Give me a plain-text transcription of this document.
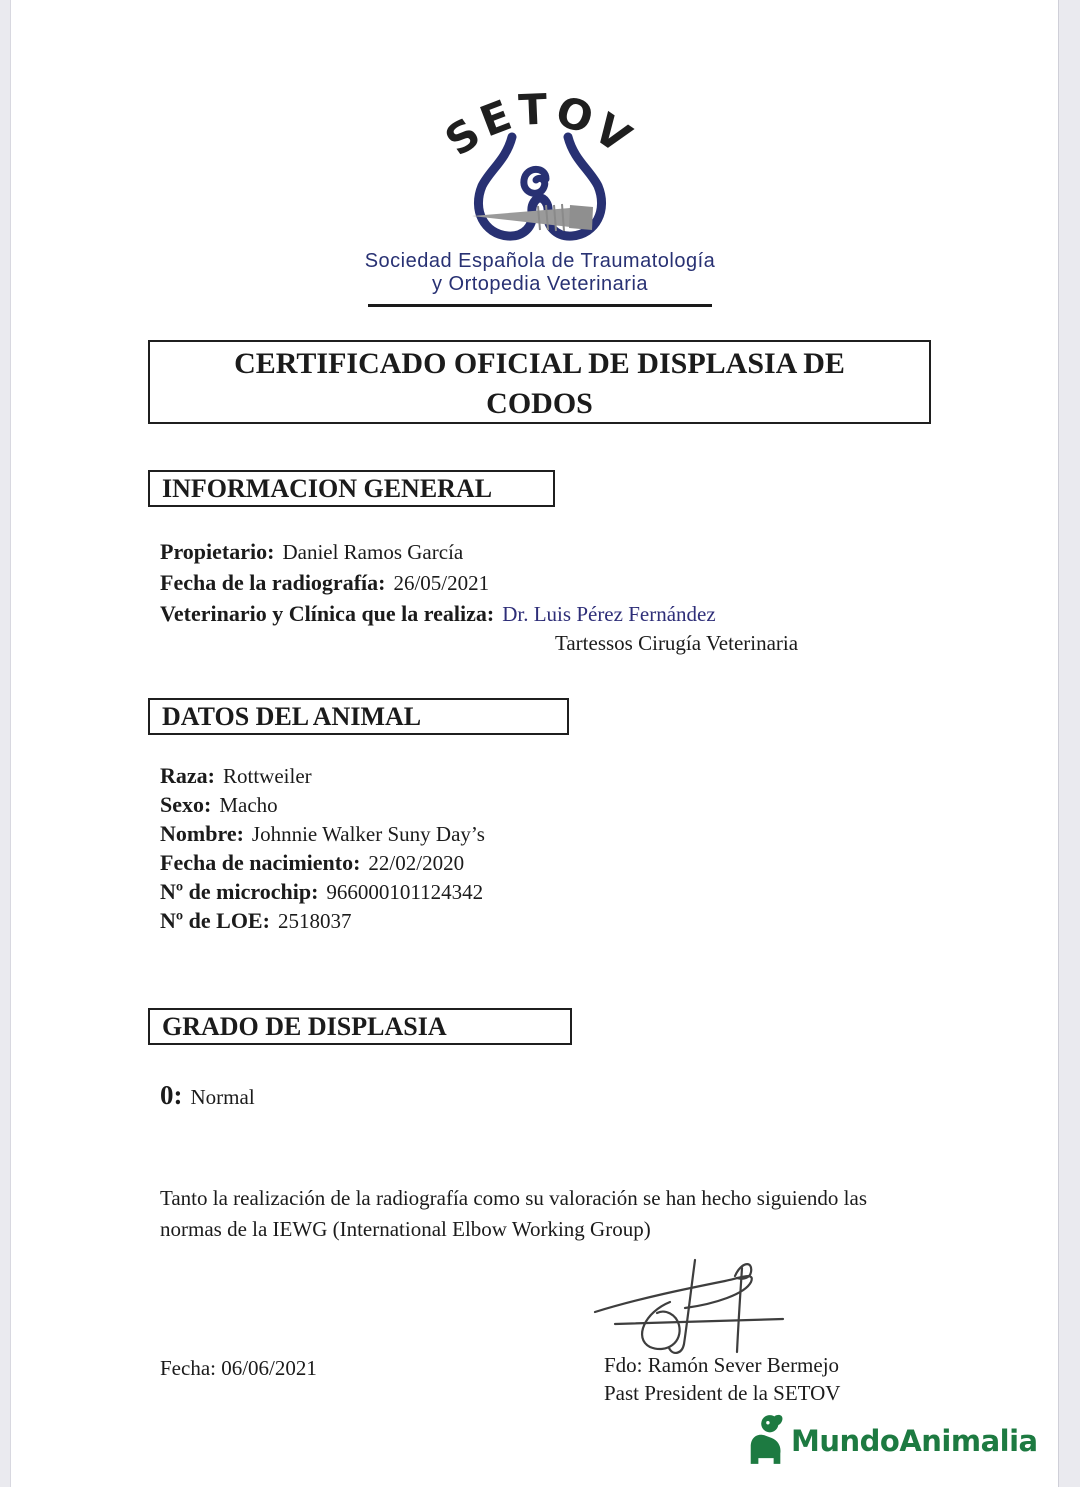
SETOV
Sociedad Española de Traumatología
y Ortopedia Veterinaria
CERTIFICADO OFICIAL DE DISPLASIA DE
CODOS
INFORMACION GENERAL
Propietario: Daniel Ramos García
Fecha de la radiografía: 26/05/2021
Veterinario y Clínica que la realiza: Dr. Luis Pérez Fernández
Tartessos Cirugía Veterinaria
DATOS DEL ANIMAL
Raza: Rottweiler
Sexo: Macho
Nombre: Johnnie Walker Suny Day’s
Fecha de nacimiento: 22/02/2020
Nº de microchip: 966000101124342
Nº de LOE: 2518037
GRADO DE DISPLASIA
0: Normal
Tanto la realización de la radiografía como su valoración se han hecho siguiendo las
normas de la IEWG (International Elbow Working Group)
Fecha: 06/06/2021	Fdo: Ramón Sever Bermejo
Past President de la SETOV
MundoAnimalia
